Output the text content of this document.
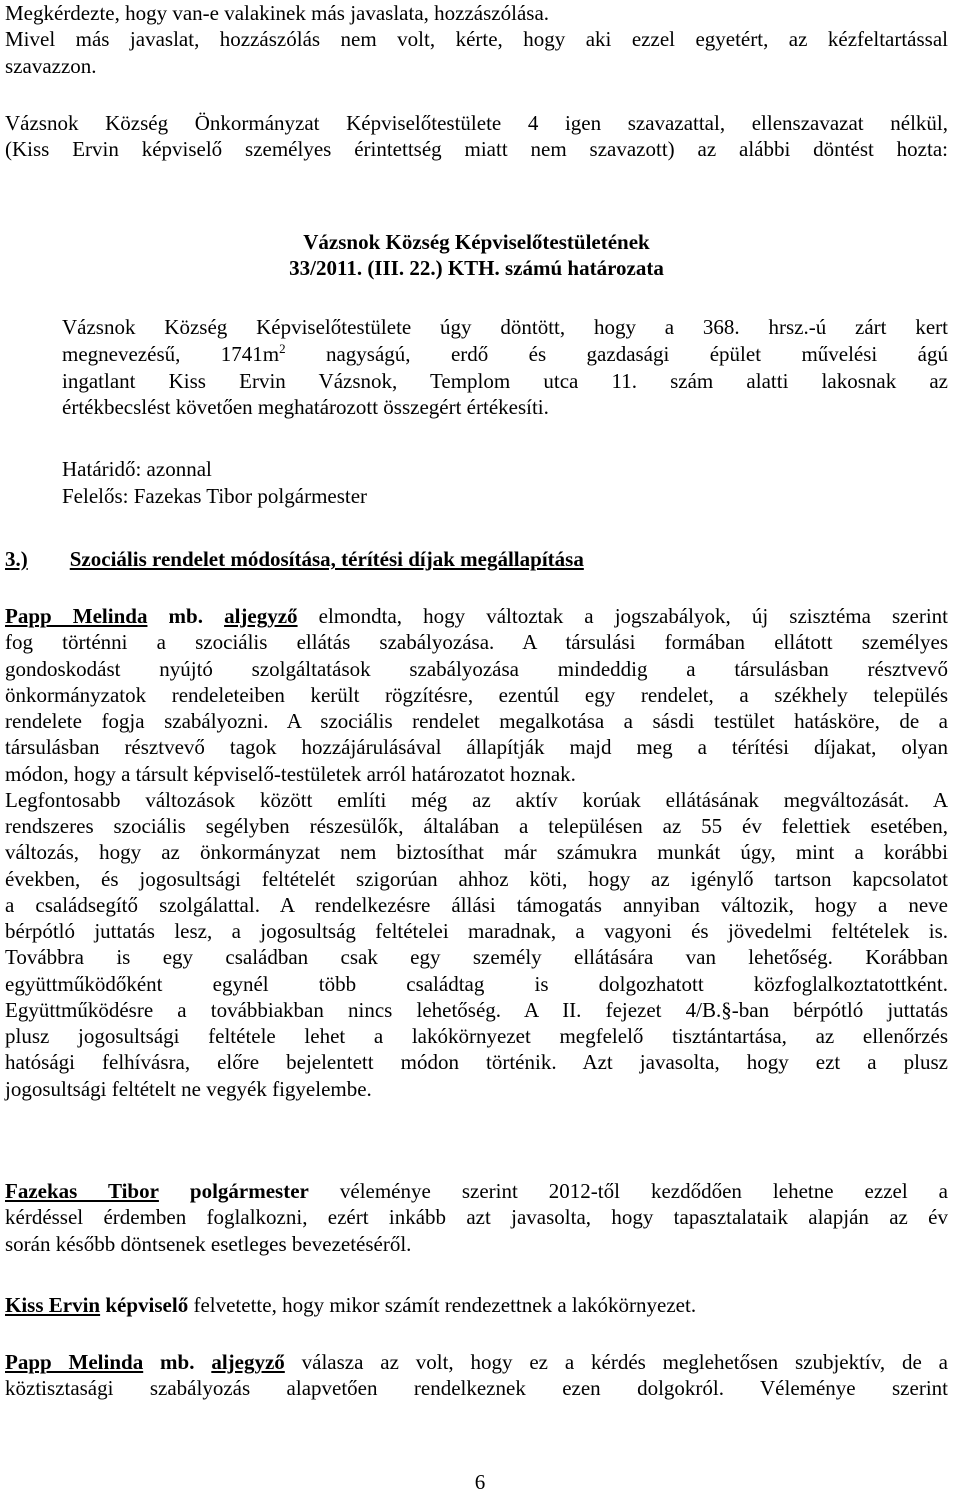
Megkérdezte, hogy van-e valakinek más javaslata, hozzászólása.
Mivel más javaslat, hozzászólás nem volt, kérte, hogy aki ezzel egyetért, az kézfeltartással
szavazzon.
Vázsnok Község Önkormányzat Képviselőtestülete 4 igen szavazattal, ellenszavazat nélkül,
(Kiss Ervin képviselő személyes érintettség miatt nem szavazott) az alábbi döntést hozta:
Vázsnok Község Képviselőtestületének
33/2011. (III. 22.) KTH. számú határozata
Vázsnok Község Képviselőtestülete úgy döntött, hogy a 368. hrsz.-ú zárt kert
megnevezésű, $1741m^2$ nagyságú, erdő és gazdasági épület művelési ágú
ingatlant Kiss Ervin Vázsnok, Templom utca 11. szám alatti lakosnak az
értékbecslést követően meghatározott összegért értékesíti.
Határidő: azonnal
Felelős: Fazekas Tibor polgármester
3.) Szociális rendelet módosítása, térítési díjak megállapítása
Papp Melinda mb. aljegyző elmondta, hogy változtak a jogszabályok, új szisztéma szerint
fog történni a szociális ellátás szabályozása. A társulási formában ellátott személyes
gondoskodást nyújtó szolgáltatások szabályozása mindeddig a társulásban résztvevő
önkormányzatok rendeleteiben került rögzítésre, ezentúl egy rendelet, a székhely település
rendelete fogja szabályozni. A szociális rendelet megalkotása a sásdi testület hatásköre, de a
társulásban résztvevő tagok hozzájárulásával állapítják majd meg a térítési díjakat, olyan
módon, hogy a társult képviselő-testületek arról határozatot hoznak.
Legfontosabb változások között említi még az aktív korúak ellátásának megváltozását. A
rendszeres szociális segélyben részesülők, általában a településen az 55 év felettiek esetében,
változás, hogy az önkormányzat nem biztosíthat már számukra munkát úgy, mint a korábbi
években, és jogosultsági feltételét szigorúan ahhoz köti, hogy az igénylő tartson kapcsolatot
a családsegítő szolgálattal. A rendelkezésre állási támogatás annyiban változik, hogy a neve
bérpótló juttatás lesz, a jogosultság feltételei maradnak, a vagyoni és jövedelmi feltételek is.
Továbbra is egy családban csak egy személy ellátására van lehetőség. Korábban
együttműködőként egynél több családtag is dolgozhatott közfoglalkoztatottként.
Együttműködésre a továbbiakban nincs lehetőség. A II. fejezet 4/B.§-ban bérpótló juttatás
plusz jogosultsági feltétele lehet a lakókörnyezet megfelelő tisztántartása, az ellenőrzés
hatósági felhívásra, előre bejelentett módon történik. Azt javasolta, hogy ezt a plusz
jogosultsági feltételt ne vegyék figyelembe.
Fazekas Tibor polgármester véleménye szerint 2012-től kezdődően lehetne ezzel a
kérdéssel érdemben foglalkozni, ezért inkább azt javasolta, hogy tapasztalataik alapján az év
során később döntsenek esetleges bevezetéséről.
Kiss Ervin képviselő felvetette, hogy mikor számít rendezettnek a lakókörnyezet.
Papp Melinda mb. aljegyző válasza az volt, hogy ez a kérdés meglehetősen szubjektív, de a
köztisztasági szabályozás alapvetően rendelkeznek ezen dolgokról. Véleménye szerint
6
